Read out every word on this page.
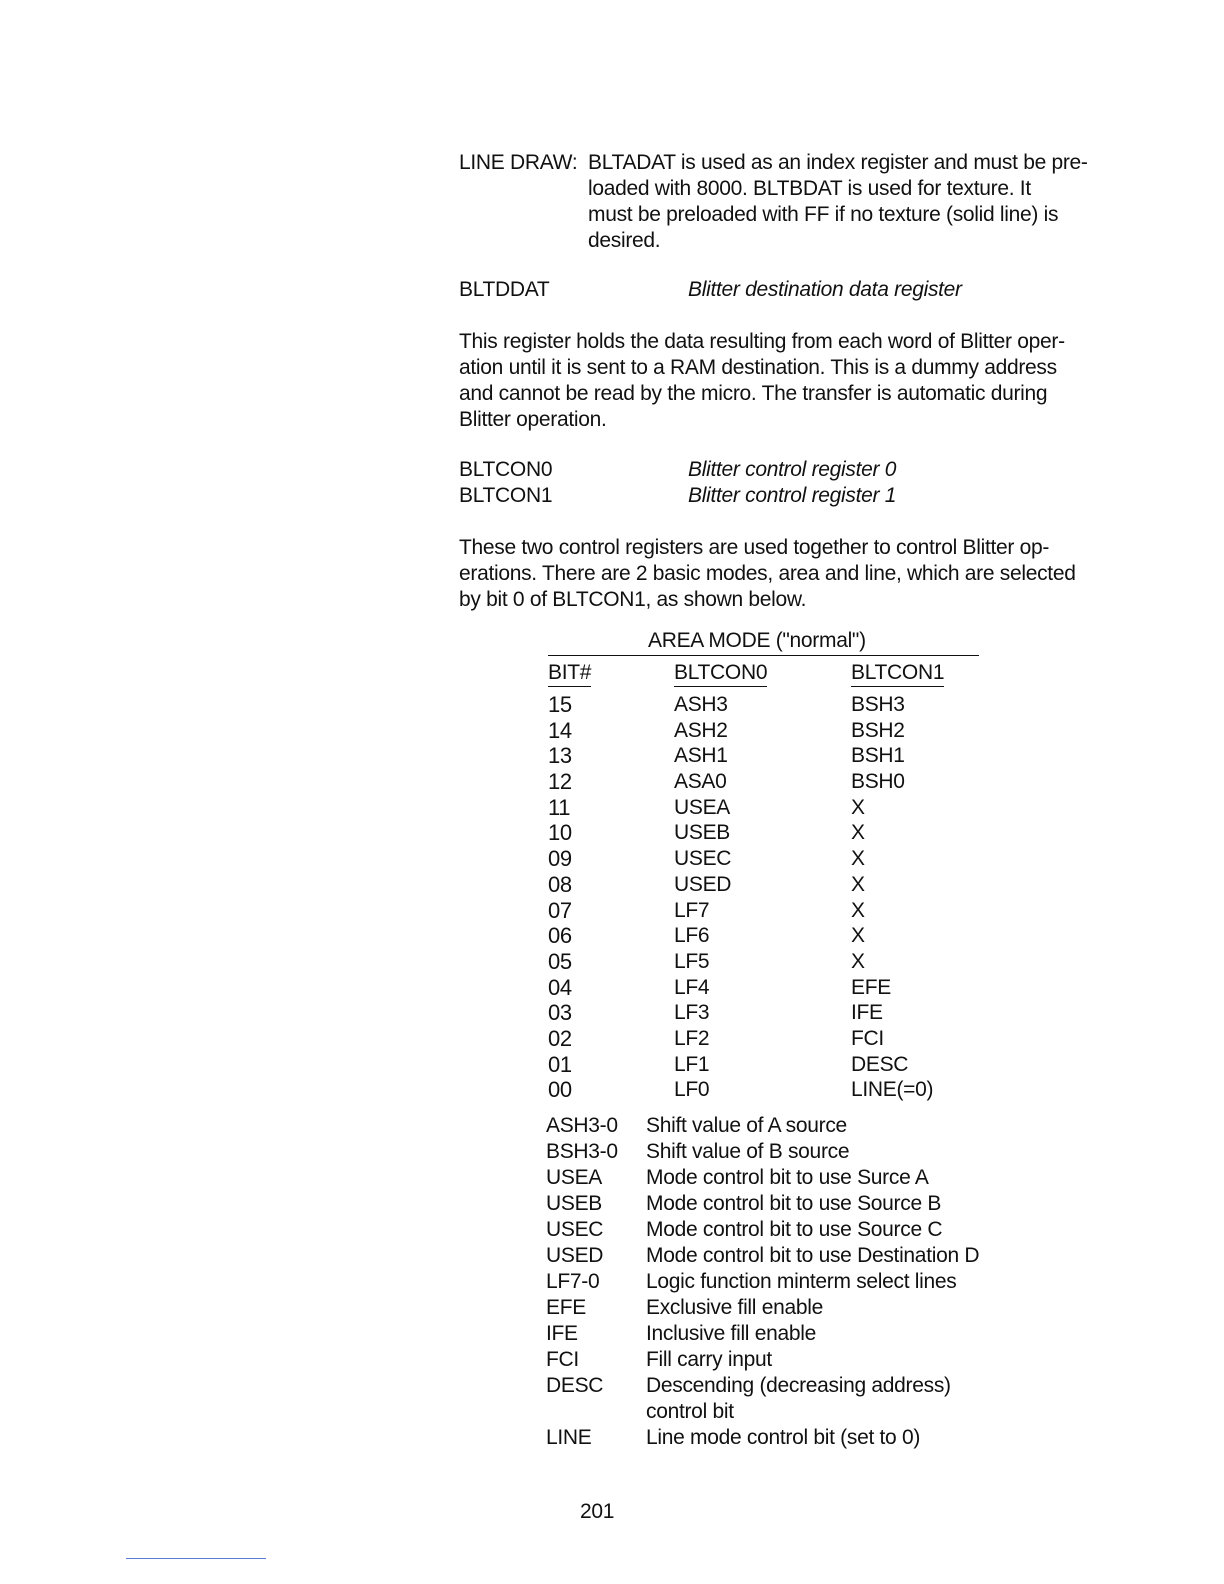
LINE DRAW: BLTADAT is used as an index register and must be pre-
loaded with 8000. BLTBDAT is used for texture. It
must be preloaded with FF if no texture (solid line) is
desired.
BLTDDAT	Blitter destination data register
This register holds the data resulting from each word of Blitter oper-
ation until it is sent to a RAM destination. This is a dummy address
and cannot be read by the micro. The transfer is automatic during
Blitter operation.
BLTCON0	Blitter control register 0
BLTCON1	Blitter control register 1
These two control registers are used together to control Blitter op-
erations. There are 2 basic modes, area and line, which are selected
by bit 0 of BLTCON1, as shown below.
AREA MODE ("normal")
BIT#	BLTCON0	BLTCON1
15	ASH3	BSH3
14	ASH2	BSH2
13	ASH1	BSH1
12	ASA0	BSH0
11	USEA	X
10	USEB	X
09	USEC	X
08	USED	X
07	LF7	X
06	LF6	X
05	LF5	X
04	LF4	EFE
03	LF3	IFE
02	LF2	FCI
01	LF1	DESC
00	LF0	LINE(=0)
ASH3-0 Shift value of A source
BSH3-0 Shift value of B source
USEA Mode control bit to use Surce A
USEB Mode control bit to use Source B
USEC Mode control bit to use Source C
USED Mode control bit to use Destination D
LF7-0 Logic function minterm select lines
EFE	Exclusive fill enable
IFE	Inclusive fill enable
FCI	Fill carry input
DESC Descending (decreasing address)
control bit
LINE	Line mode control bit (set to 0)
201
